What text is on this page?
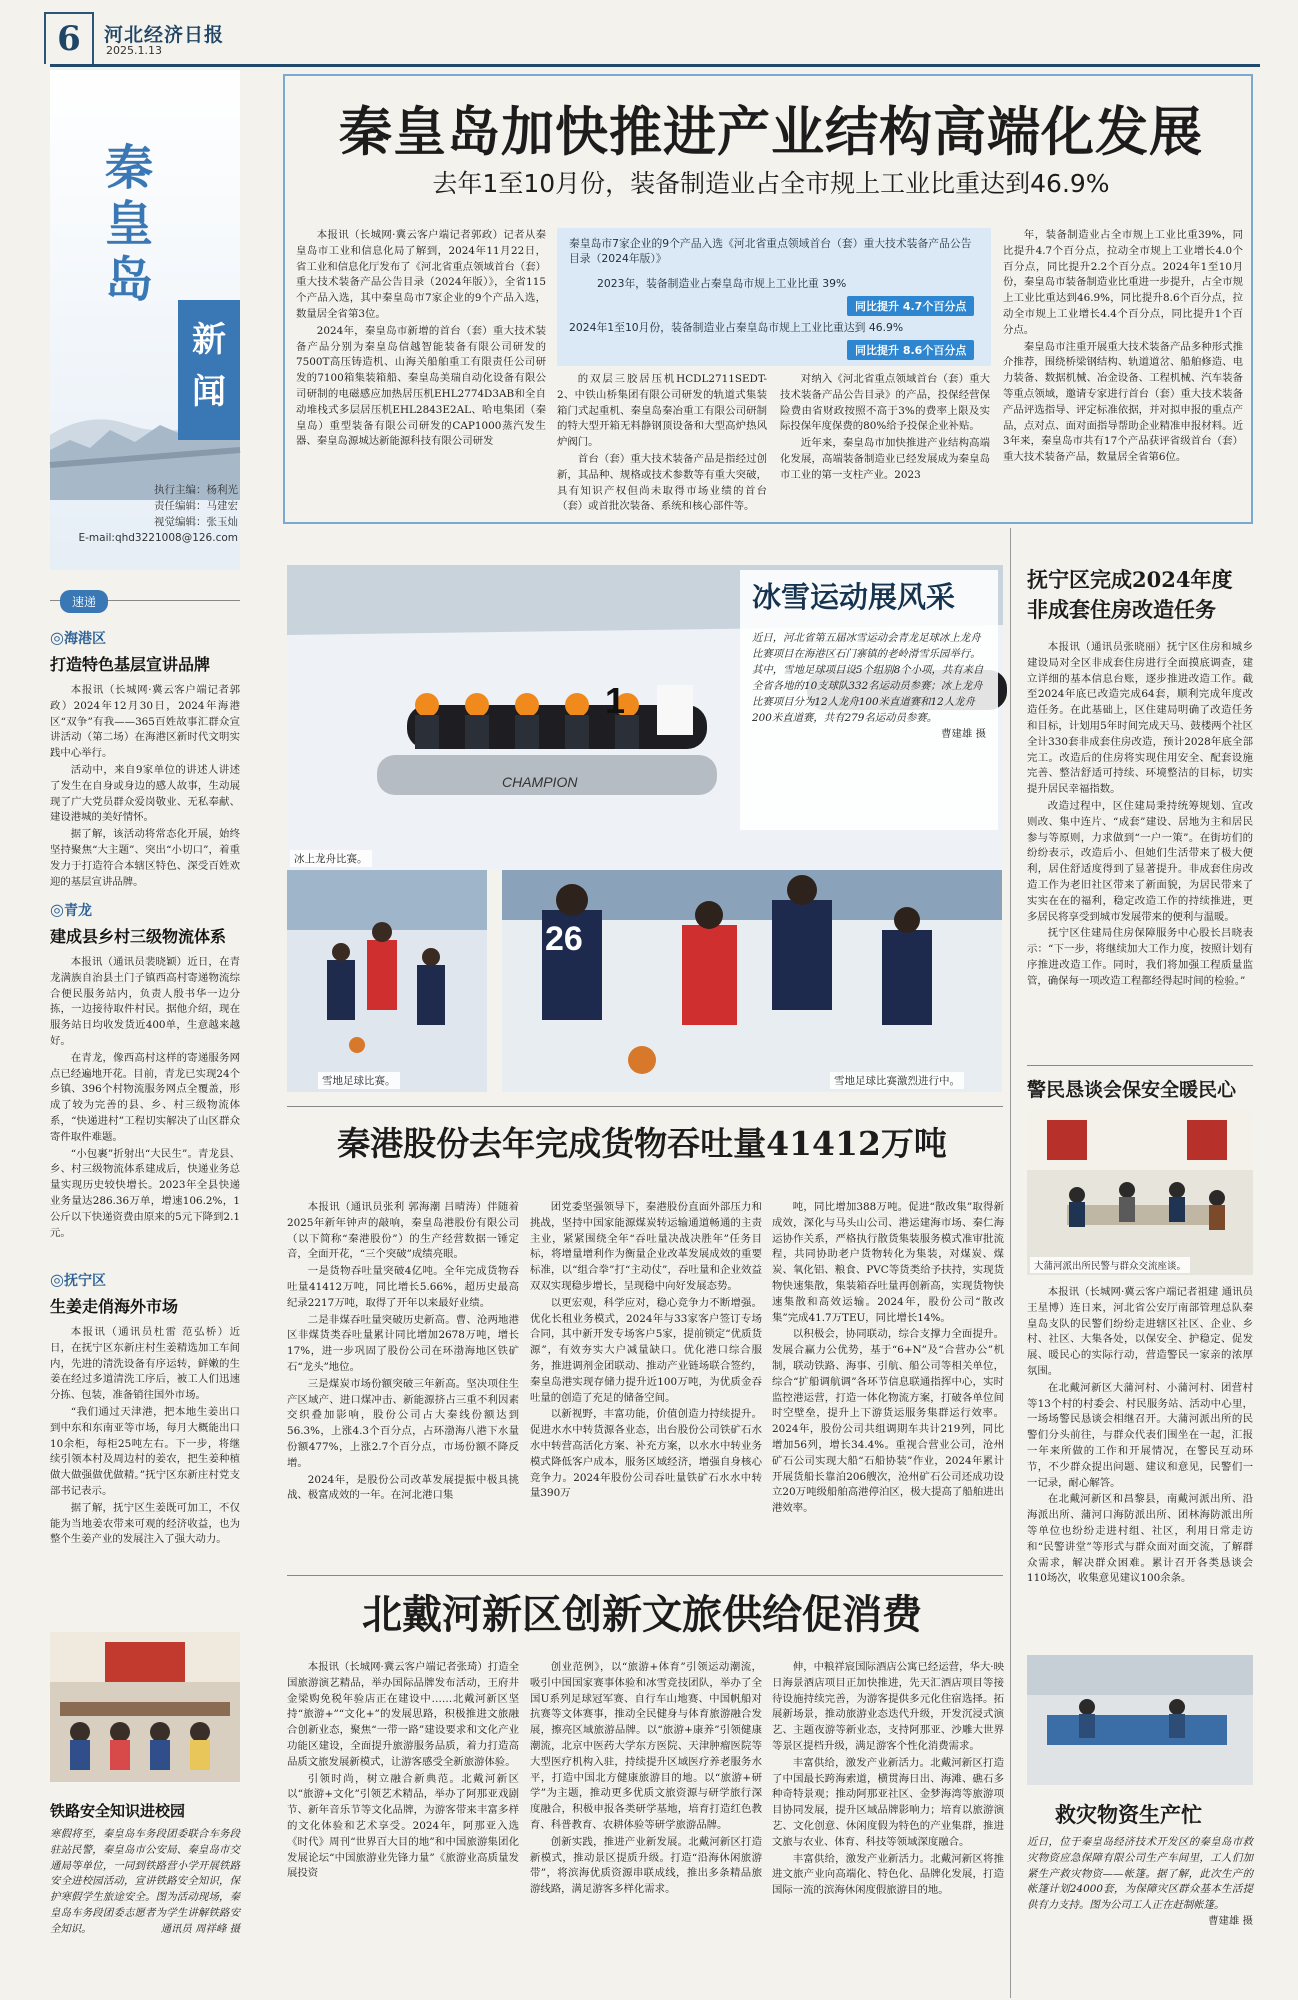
6	河北经济日报
2025.1.13
秦皇岛
新闻
执行主编：杨利光
责任编辑：马建宏
视觉编辑：张玉灿
E-mail:qhd3221008@126.com
速递
◎海港区
打造特色基层宣讲品牌

本报讯（长城网·冀云客户端记者郭政）2024年12月30日，2024年海港区“双争”有我——365百姓故事汇群众宣讲活动（第二场）在海港区新时代文明实践中心举行。

活动中，来自9家单位的讲述人讲述了发生在自身或身边的感人故事，生动展现了广大党员群众爱岗敬业、无私奉献、建设港城的美好情怀。

据了解，该活动将常态化开展，始终坚持聚焦“大主题”、突出“小切口”，着重发力于打造符合本辖区特色、深受百姓欢迎的基层宣讲品牌。

◎青龙
建成县乡村三级物流体系

本报讯（通讯员裴晓颖）近日，在青龙满族自治县土门子镇西高村寄递物流综合便民服务站内，负责人殷书华一边分拣，一边接待取件村民。据他介绍，现在服务站日均收发货近400单，生意越来越好。

在青龙，像西高村这样的寄递服务网点已经遍地开花。目前，青龙已实现24个乡镇、396个村物流服务网点全覆盖，形成了较为完善的县、乡、村三级物流体系，“快递进村”工程切实解决了山区群众寄件取件难题。

“小包裹”折射出“大民生”。青龙县、乡、村三级物流体系建成后，快递业务总量实现历史较快增长。2023年全县快递业务量达286.36万单，增速106.2%，1公斤以下快递资费由原来的5元下降到2.1元。

◎抚宁区
生姜走俏海外市场

本报讯（通讯员杜雷 范弘桥）近日，在抚宁区东新庄村生姜精选加工车间内，先进的清洗设备有序运转，鲜嫩的生姜在经过多道清洗工序后，被工人们迅速分拣、包装，准备销往国外市场。

“我们通过天津港，把本地生姜出口到中东和东南亚等市场，每月大概能出口10余柜，每柜25吨左右。下一步，将继续引领本村及周边村的姜农，把生姜种植做大做强做优做精。”抚宁区东新庄村党支部书记表示。

据了解，抚宁区生姜既可加工，不仅能为当地姜农带来可观的经济收益，也为整个生姜产业的发展注入了强大动力。

铁路安全知识进校园
寒假将至，秦皇岛车务段团委联合车务段驻站民警，秦皇岛市公安局、秦皇岛市交通局等单位，一同到铁路营小学开展铁路安全进校园活动，宣讲铁路安全知识，保护寒假学生旅途安全。图为活动现场，秦皇岛车务段团委志愿者为学生讲解铁路安全知识。	通讯员 周祥峰 摄
秦皇岛加快推进产业结构高端化发展
去年1至10月份，装备制造业占全市规上工业比重达到46.9%

本报讯（长城网·冀云客户端记者郭政）记者从秦皇岛市工业和信息化局了解到，2024年11月22日，省工业和信息化厅发布了《河北省重点领域首台（套）重大技术装备产品公告目录（2024年版）》，全省115个产品入选，其中秦皇岛市7家企业的9个产品入选，数量居全省第3位。

2024年，秦皇岛市新增的首台（套）重大技术装备产品分别为秦皇岛信越智能装备有限公司研发的7500T高压铸造机、山海关船舶重工有限责任公司研发的7100箱集装箱船、秦皇岛美瑞自动化设备有限公司研制的电磁感应加热居压机EHL2774D3AB和全自动堆栈式多层居压机EHL2843E2AL、哈电集团（秦皇岛）重型装备有限公司研发的CAP1000蒸汽发生器、秦皇岛源城达新能源科技有限公司研发

秦皇岛市7家企业的9个产品入选《河北省重点领域首台（套）重大技术装备产品公告目录（2024年版）》
2023年，装备制造业占秦皇岛市规上工业比重 39%
同比提升 4.7个百分点
2024年1至10月份，装备制造业占秦皇岛市规上工业比重达到 46.9%
同比提升 8.6个百分点

的双层三胶居压机HCDL2711SEDT-2、中铁山桥集团有限公司研发的轨道式集装箱门式起重机、秦皇岛秦冶重工有限公司研制的特大型开箱无料静钢顶设备和大型高炉热风炉阀门。

首台（套）重大技术装备产品是指经过创新，其品种、规格或技术参数等有重大突破，具有知识产权但尚未取得市场业绩的首台（套）或首批次装备、系统和核心部件等。

对纳入《河北省重点领域首台（套）重大技术装备产品公告目录》的产品，投保经营保险费由省财政按照不高于3%的费率上限及实际投保年度保费的80%给予投保企业补贴。

近年来，秦皇岛市加快推进产业结构高端化发展，高端装备制造业已经发展成为秦皇岛市工业的第一支柱产业。2023

年，装备制造业占全市规上工业比重39%，同比提升4.7个百分点，拉动全市规上工业增长4.0个百分点，同比提升2.2个百分点。2024年1至10月份，秦皇岛市装备制造业比重进一步提升，占全市规上工业比重达到46.9%，同比提升8.6个百分点，拉动全市规上工业增长4.4个百分点，同比提升1个百分点。

秦皇岛市注重开展重大技术装备产品多种形式推介推荐，围绕桥梁钢结构、轨道道岔、船舶修造、电力装备、数据机械、冶金设备、工程机械、汽车装备等重点领域，邀请专家进行首台（套）重大技术装备产品评选指导、评定标准依据，并对拟申报的重点产品，点对点、面对面指导帮助企业精准申报材料。近3年来，秦皇岛市共有17个产品获评省级首台（套）重大技术装备产品，数量居全省第6位。

CHAMPION
1
冰雪运动展风采
近日，河北省第五届冰雪运动会青龙足球冰上龙舟比赛项目在海港区石门寨镇的老岭滑雪乐园举行。其中，雪地足球项目设5个组别8个小项，共有来自全省各地的10支球队332名运动员参赛；冰上龙舟比赛项目分为12人龙舟100米直道赛和12人龙舟200米直道赛，共有279名运动员参赛。
曹建雄 摄
冰上龙舟比赛。
雪地足球比赛。
26
雪地足球比赛激烈进行中。
秦港股份去年完成货物吞吐量41412万吨

本报讯（通讯员张利 郭海潮 吕晴涛）伴随着2025年新年钟声的敲响，秦皇岛港股份有限公司（以下简称“秦港股份”）的生产经营数据一锤定音，全面开花，“三个突破”成绩亮眼。

一是货物吞吐量突破4亿吨。全年完成货物吞吐量41412万吨，同比增长5.66%，超历史最高纪录2217万吨，取得了开年以来最好业绩。

二是非煤吞吐量突破历史新高。曹、沧两地港区非煤货类吞吐量累计同比增加2678万吨，增长17%，进一步巩固了股份公司在环渤海地区铁矿石“龙头”地位。

三是煤炭市场份额突破三年新高。坚决项住生产区域产、进口煤冲击、新能源挤占三重不利因素交织叠加影响，股份公司占大秦线份额达到56.3%，上涨4.3个百分点，占环渤海八港下水量份额477%，上涨2.7个百分点，市场份额不降反增。

2024年，是股份公司改革发展提振中极具挑战、极富成效的一年。在河北港口集

团党委坚强领导下，秦港股份直面外部压力和挑战，坚持中国家能源煤炭转运输通道畅通的主责主业，紧紧围绕全年“吞吐量决战决胜年”任务目标，将增量增利作为衡量企业改革发展成效的重要标准，以“组合拳”打“主动仗”，吞吐量和企业效益双双实现稳步增长，呈现稳中向好发展态势。

以更宏观，科学应对，稳心竞争力不断增强。优化长租业务模式，2024年与33家客户签订专场合同，其中新开发专场客户5家，提前锁定“优质货源”，有效夯实大户减量缺口。优化港口综合服务，推进调剂金团联动、推动产业链场联合签约，秦皇岛港实现存储力提升近100万吨，为优质金吞吐量的创造了充足的储备空间。

以新视野，丰富功能，价值创造力持续提升。促进水水中转货源各业态，出台股份公司铁矿石水水中转营高活化方案、补充方案，以水水中转业务模式降低客户成本，服务区域经济，增强自身核心竞争力。2024年股份公司吞吐量铁矿石水水中转量390万

吨，同比增加388万吨。促进“散改集”取得新成效，深化与马头山公司、港运建海市场、秦仁海运协作关系，严格执行散货集装服务模式准审批流程，共同协助老户货物转化为集装，对煤炭、煤炭、氧化铝、粮食、PVC等货类给予扶持，实现货物快速集散，集装箱吞吐量再创新高，实现货物快速集散和高效运输。2024年，股份公司“散改集”完成41.7万TEU，同比增长14%。

以积极会，协同联动，综合支撑力全面提升。发展合赢力公优势，基于“6+N”及“合营办公”机制，联动铁路、海事、引航、船公司等相关单位，综合“扩船调航调”各环节信息联通指挥中心，实时监控港运营，打造一体化物流方案，打破各单位间时空壁垒，提升上下游货运服务集群运行效率。2024年，股份公司共组调期车共计219列，同比增加56列，增长34.4%。重视合营业公司，沧州矿石公司实现大船“石船协装”作业，2024年累计开展货船长靠泊206艘次，沧州矿石公司还成功设立20万吨级船舶高港停泊区，极大提高了船舶进出港效率。

北戴河新区创新文旅供给促消费

本报讯（长城网·冀云客户端记者张琦）打造全国旅游演艺精品，举办国际品牌发布活动，王府井金梁购免税年验店正在建设中……北戴河新区坚持“旅游+”“文化+”的发展思路，积极推进文旅融合创新业态，聚焦“一带一路”建设要求和文化产业功能区建设，全面提升旅游服务品质，着力打造高品质文旅发展新模式，让游客感受全新旅游体验。

引领时尚，树立融合新典范。北戴河新区以“旅游+文化”引领艺术精品，举办了阿那亚戏剧节、新年音乐节等文化品牌，为游客带来丰富多样的文化体验和艺术享受。2024年，阿那亚入选《时代》周刊“世界百大目的地”和中国旅游集团化发展论坛“中国旅游业先锋力量”《旅游业高质量发展投资

创业范例》，以“旅游+体育”引领运动潮流，吸引中国国家赛事体验和冰雪竞技团队，举办了全国U系列足球冠军赛、自行车山地赛、中国帆船对抗赛等文体赛事，推动全民健身与体育旅游融合发展，擦亮区域旅游品牌。以“旅游+康养”引领健康潮流，北京中医药大学东方医院、天津肿瘤医院等大型医疗机构入驻，持续提升区域医疗养老服务水平，打造中国北方健康旅游目的地。以“旅游+研学”为主题，推动更多优质文旅资源与研学旅行深度融合，积极申报各类研学基地，培育打造红色教育、科普教育、农耕体验等研学旅游品牌。

创新实践，推进产业新发展。北戴河新区打造新模式，推动景区提质升级。打造“沿海休闲旅游带”，将滨海优质资源串联成线，推出多条精品旅游线路，满足游客多样化需求。

伸，中粮祥宸国际酒店公寓已经运营，华大·映日海景酒店项目正加快推进，先天汇酒店项目等接待设施持续完善，为游客提供多元化住宿选择。拓展新场景，推动旅游业态迭代升级，开发沉浸式演艺、主题夜游等新业态，支持阿那亚、沙雕大世界等景区提档升级，满足游客个性化消费需求。

丰富供给，激发产业新活力。北戴河新区打造了中国最长跨海索道，横贯海日出、海滩、礁石多种奇特景观；推动阿那亚社区、金梦海湾等旅游项目协同发展，提升区域品牌影响力；培育以旅游演艺、文化创意、休闲度假为特色的产业集群，推进文旅与农业、体育、科技等领域深度融合。

丰富供给，激发产业新活力。北戴河新区将推进文旅产业向高端化、特色化、品牌化发展，打造国际一流的滨海休闲度假旅游目的地。

抚宁区完成2024年度非成套住房改造任务

本报讯（通讯员张晓丽）抚宁区住房和城乡建设局对全区非成套住房进行全面摸底调查，建立详细的基本信息台账，逐步推进改造工作。截至2024年底已改造完成64套，顺利完成年度改造任务。在此基础上，区住建局明确了改造任务和目标，计划用5年时间完成天马、鼓楼两个社区全计330套非成套住房改造，预计2028年底全部完工。改造后的住房将实现住用安全、配套设施完善、整洁舒适可持续、环境整洁的目标，切实提升居民幸福指数。

改造过程中，区住建局秉持统筹规划、宜改则改、集中连片、“成套”建设、居地为主和居民参与等原则，力求做到“一户一策”。在街坊们的纷纷表示，改造后小、但她们生活带来了极大便利，居住舒适度得到了显著提升。非成套住房改造工作为老旧社区带来了新面貌，为居民带来了实实在在的福利，稳定改造工作的持续推进，更多居民将享受到城市发展带来的便利与温暖。

抚宁区住建局住房保障服务中心股长吕晓表示：“下一步，将继续加大工作力度，按照计划有序推进改造工作。同时，我们将加强工程质量监管，确保每一项改造工程都经得起时间的检验。”

警民恳谈会保安全暖民心
大蒲河派出所民警与群众交流座谈。

本报讯（长城网·冀云客户端记者祖建 通讯员王星博）连日来，河北省公安厅南部管理总队秦皇岛支队的民警们纷纷走进辖区社区、企业、乡村、社区、大集各处，以保安全、护稳定、促发展、暖民心的实际行动，营造警民一家亲的浓厚氛围。

在北戴河新区大蒲河村、小蒲河村、团营村等13个村的村委会、村民服务站、活动中心里，一场场警民恳谈会相继召开。大蒲河派出所的民警们分头前往，与群众代表们围坐在一起，汇报一年来所做的工作和开展情况，在警民互动环节，不少群众提出问题、建议和意见，民警们一一记录，耐心解答。

在北戴河新区和昌黎县，南戴河派出所、沿海派出所、蒲河口海防派出所、团林海防派出所等单位也纷纷走进村组、社区，利用日常走访和“民警讲堂”等形式与群众面对面交流，了解群众需求，解决群众困难。累计召开各类恳谈会110场次，收集意见建议100余条。

救灾物资生产忙
近日，位于秦皇岛经济技术开发区的秦皇岛市救灾物资应急保障有限公司生产车间里，工人们加紧生产救灾物资——帐篷。据了解，此次生产的帐篷计划24000套，为保障灾区群众基本生活提供有力支持。图为公司工人正在赶制帐篷。
曹建雄 摄
